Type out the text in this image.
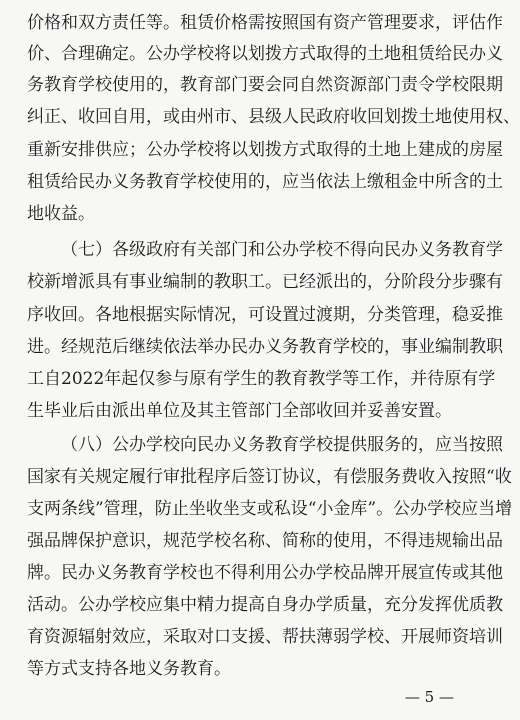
价格和双方责任等。租赁价格需按照国有资产管理要求，评估作
价、合理确定。公办学校将以划拨方式取得的土地租赁给民办义
务教育学校使用的，教育部门要会同自然资源部门责令学校限期
纠正、收回自用，或由州市、县级人民政府收回划拨土地使用权、
重新安排供应；公办学校将以划拨方式取得的土地上建成的房屋
租赁给民办义务教育学校使用的，应当依法上缴租金中所含的土
地收益。
（七）各级政府有关部门和公办学校不得向民办义务教育学
校新增派具有事业编制的教职工。已经派出的，分阶段分步骤有
序收回。各地根据实际情况，可设置过渡期，分类管理，稳妥推
进。经规范后继续依法举办民办义务教育学校的，事业编制教职
工自2022年起仅参与原有学生的教育教学等工作，并待原有学
生毕业后由派出单位及其主管部门全部收回并妥善安置。
（八）公办学校向民办义务教育学校提供服务的，应当按照
国家有关规定履行审批程序后签订协议，有偿服务费收入按照“收
支两条线”管理，防止坐收坐支或私设“小金库”。公办学校应当增
强品牌保护意识，规范学校名称、简称的使用，不得违规输出品
牌。民办义务教育学校也不得利用公办学校品牌开展宣传或其他
活动。公办学校应集中精力提高自身办学质量，充分发挥优质教
育资源辐射效应，采取对口支援、帮扶薄弱学校、开展师资培训
等方式支持各地义务教育。
— 5 —
